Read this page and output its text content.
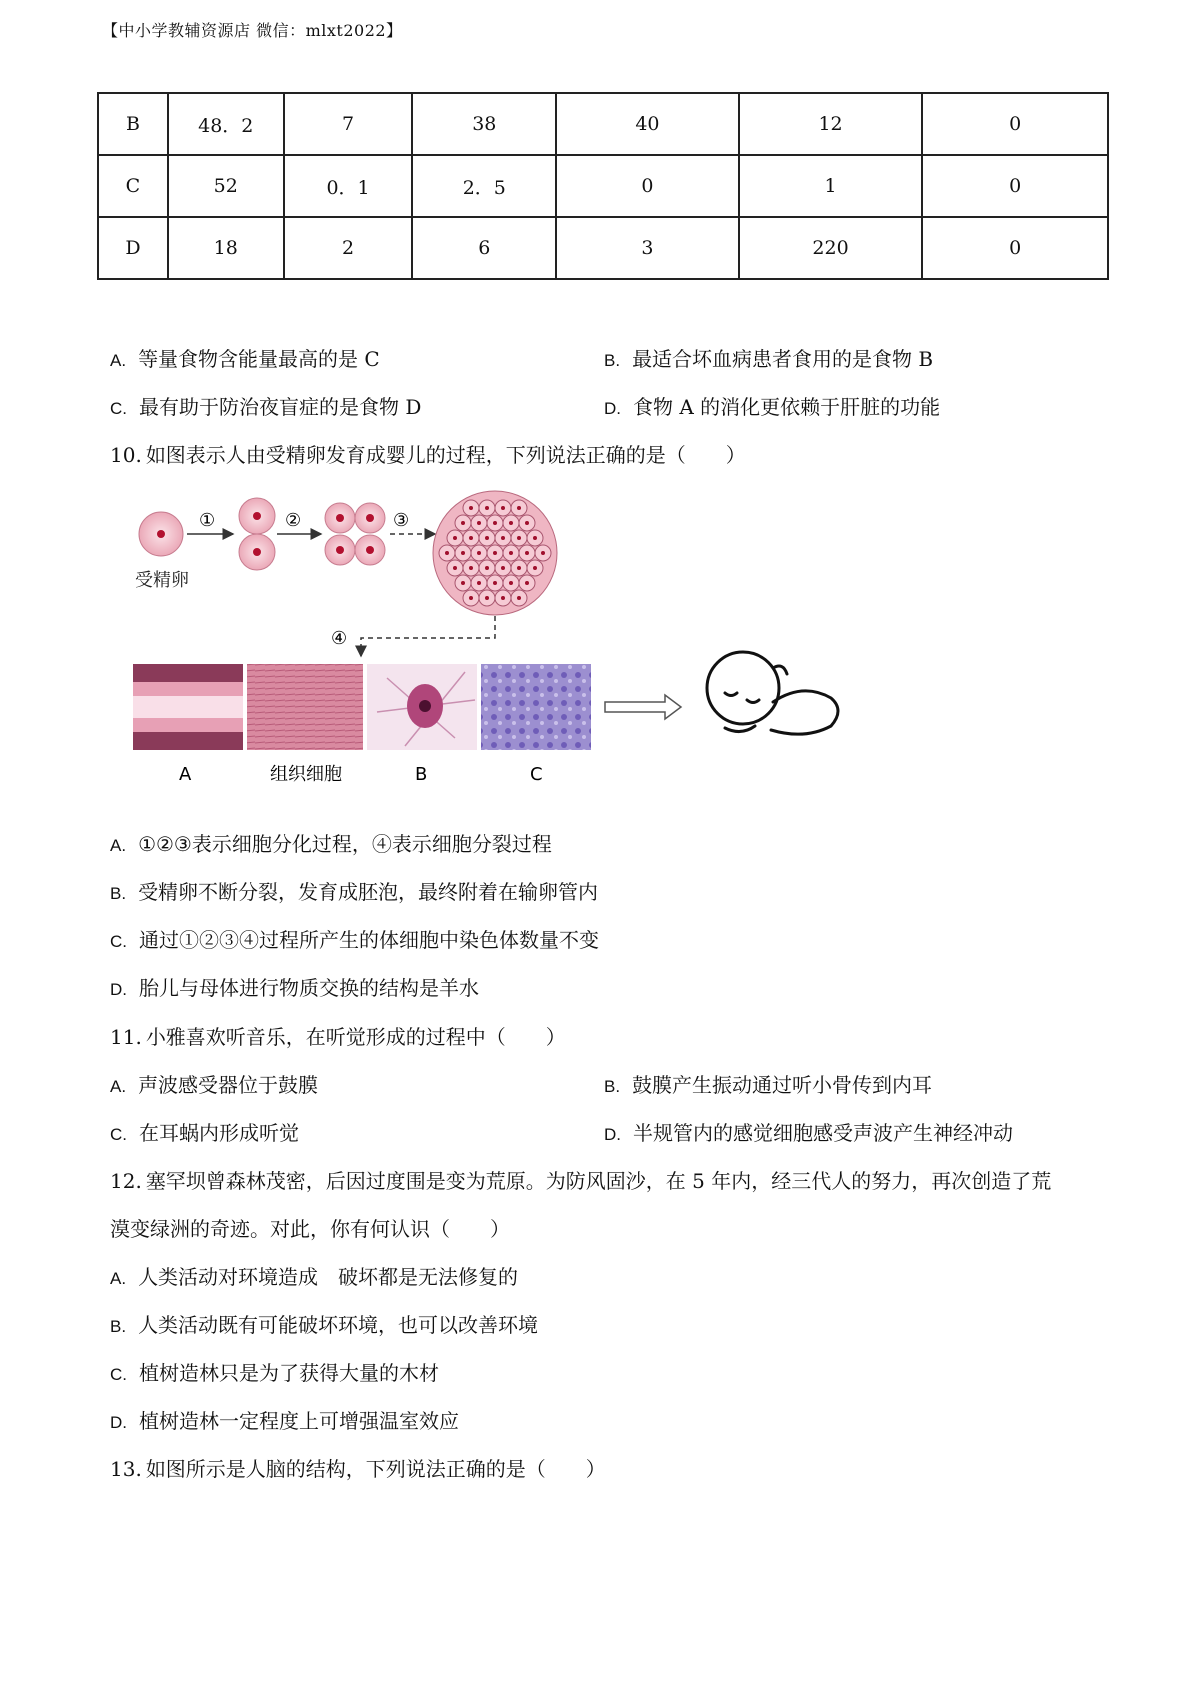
【中小学教辅资源店 微信：mlxt2022】
B	48．2	7	38	40	12	0
C	52	0．1	2．5	0	1	0
D	18	2	6	3	220	0
A. 等量食物含能量最高的是 C	B. 最适合坏血病患者食用的是食物 B
C. 最有助于防治夜盲症的是食物 D	D. 食物 A 的消化更依赖于肝脏的功能
10. 如图表示人由受精卵发育成婴儿的过程，下列说法正确的是（　　）
受精卵
①	②	③
④
A	组织细胞	B	C
A. ①②③表示细胞分化过程，④表示细胞分裂过程
B. 受精卵不断分裂，发育成胚泡，最终附着在输卵管内
C. 通过①②③④过程所产生的体细胞中染色体数量不变
D. 胎儿与母体进行物质交换的结构是羊水
11. 小雅喜欢听音乐，在听觉形成的过程中（　　）
A. 声波感受器位于鼓膜	B. 鼓膜产生振动通过听小骨传到内耳
C. 在耳蜗内形成听觉	D. 半规管内的感觉细胞感受声波产生神经冲动
12. 塞罕坝曾森林茂密，后因过度围是变为荒原。为防风固沙，在 5 年内，经三代人的努力，再次创造了荒
漠变绿洲的奇迹。对此，你有何认识（　　）
A. 人类活动对环境造成　破坏都是无法修复的
B. 人类活动既有可能破坏环境，也可以改善环境
C. 植树造林只是为了获得大量的木材
D. 植树造林一定程度上可增强温室效应
13. 如图所示是人脑的结构，下列说法正确的是（　　）
